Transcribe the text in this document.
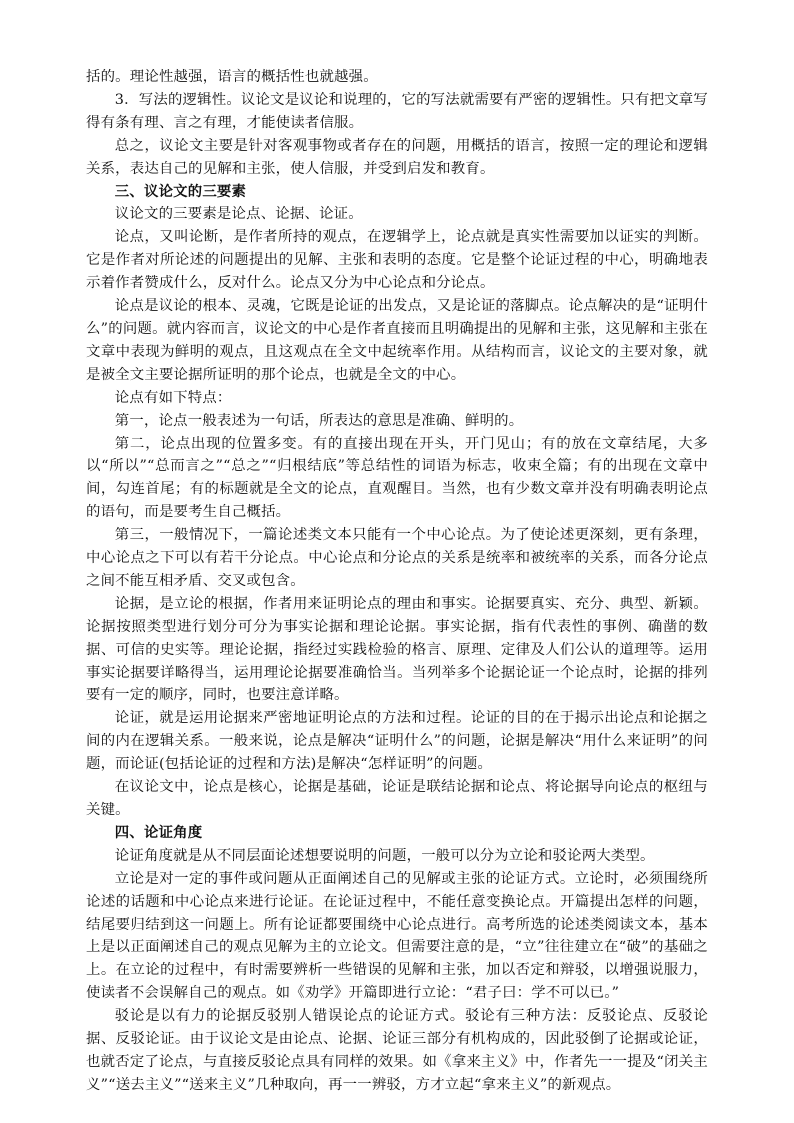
括的。理论性越强，语言的概括性也就越强。

3．写法的逻辑性。议论文是议论和说理的，它的写法就需要有严密的逻辑性。只有把文章写得有条有理、言之有理，才能使读者信服。

总之，议论文主要是针对客观事物或者存在的问题，用概括的语言，按照一定的理论和逻辑关系，表达自己的见解和主张，使人信服，并受到启发和教育。

三、议论文的三要素

议论文的三要素是论点、论据、论证。

论点，又叫论断，是作者所持的观点，在逻辑学上，论点就是真实性需要加以证实的判断。它是作者对所论述的问题提出的见解、主张和表明的态度。它是整个论证过程的中心，明确地表示着作者赞成什么，反对什么。论点又分为中心论点和分论点。

论点是议论的根本、灵魂，它既是论证的出发点，又是论证的落脚点。论点解决的是“证明什么”的问题。就内容而言，议论文的中心是作者直接而且明确提出的见解和主张，这见解和主张在文章中表现为鲜明的观点，且这观点在全文中起统率作用。从结构而言，议论文的主要对象，就是被全文主要论据所证明的那个论点，也就是全文的中心。

论点有如下特点：

第一，论点一般表述为一句话，所表达的意思是准确、鲜明的。

第二，论点出现的位置多变。有的直接出现在开头，开门见山；有的放在文章结尾，大多以“所以”“总而言之”“总之”“归根结底”等总结性的词语为标志，收束全篇；有的出现在文章中间，勾连首尾；有的标题就是全文的论点，直观醒目。当然，也有少数文章并没有明确表明论点的语句，而是要考生自己概括。

第三，一般情况下，一篇论述类文本只能有一个中心论点。为了使论述更深刻，更有条理，中心论点之下可以有若干分论点。中心论点和分论点的关系是统率和被统率的关系，而各分论点之间不能互相矛盾、交叉或包含。

论据，是立论的根据，作者用来证明论点的理由和事实。论据要真实、充分、典型、新颖。论据按照类型进行划分可分为事实论据和理论论据。事实论据，指有代表性的事例、确凿的数据、可信的史实等。理论论据，指经过实践检验的格言、原理、定律及人们公认的道理等。运用事实论据要详略得当，运用理论论据要准确恰当。当列举多个论据论证一个论点时，论据的排列要有一定的顺序，同时，也要注意详略。

论证，就是运用论据来严密地证明论点的方法和过程。论证的目的在于揭示出论点和论据之间的内在逻辑关系。一般来说，论点是解决“证明什么”的问题，论据是解决“用什么来证明”的问题，而论证(包括论证的过程和方法)是解决“怎样证明”的问题。

在议论文中，论点是核心，论据是基础，论证是联结论据和论点、将论据导向论点的枢纽与关键。

四、论证角度

论证角度就是从不同层面论述想要说明的问题，一般可以分为立论和驳论两大类型。

立论是对一定的事件或问题从正面阐述自己的见解或主张的论证方式。立论时，必须围绕所论述的话题和中心论点来进行论证。在论证过程中，不能任意变换论点。开篇提出怎样的问题，结尾要归结到这一问题上。所有论证都要围绕中心论点进行。高考所选的论述类阅读文本，基本上是以正面阐述自己的观点见解为主的立论文。但需要注意的是，“立”往往建立在“破”的基础之上。在立论的过程中，有时需要辨析一些错误的见解和主张，加以否定和辩驳，以增强说服力，使读者不会误解自己的观点。如《劝学》开篇即进行立论：“君子曰：学不可以已。”

驳论是以有力的论据反驳别人错误论点的论证方式。驳论有三种方法：反驳论点、反驳论据、反驳论证。由于议论文是由论点、论据、论证三部分有机构成的，因此驳倒了论据或论证，也就否定了论点，与直接反驳论点具有同样的效果。如《拿来主义》中，作者先一一提及“闭关主义”“送去主义”“送来主义”几种取向，再一一辨驳，方才立起“拿来主义”的新观点。
